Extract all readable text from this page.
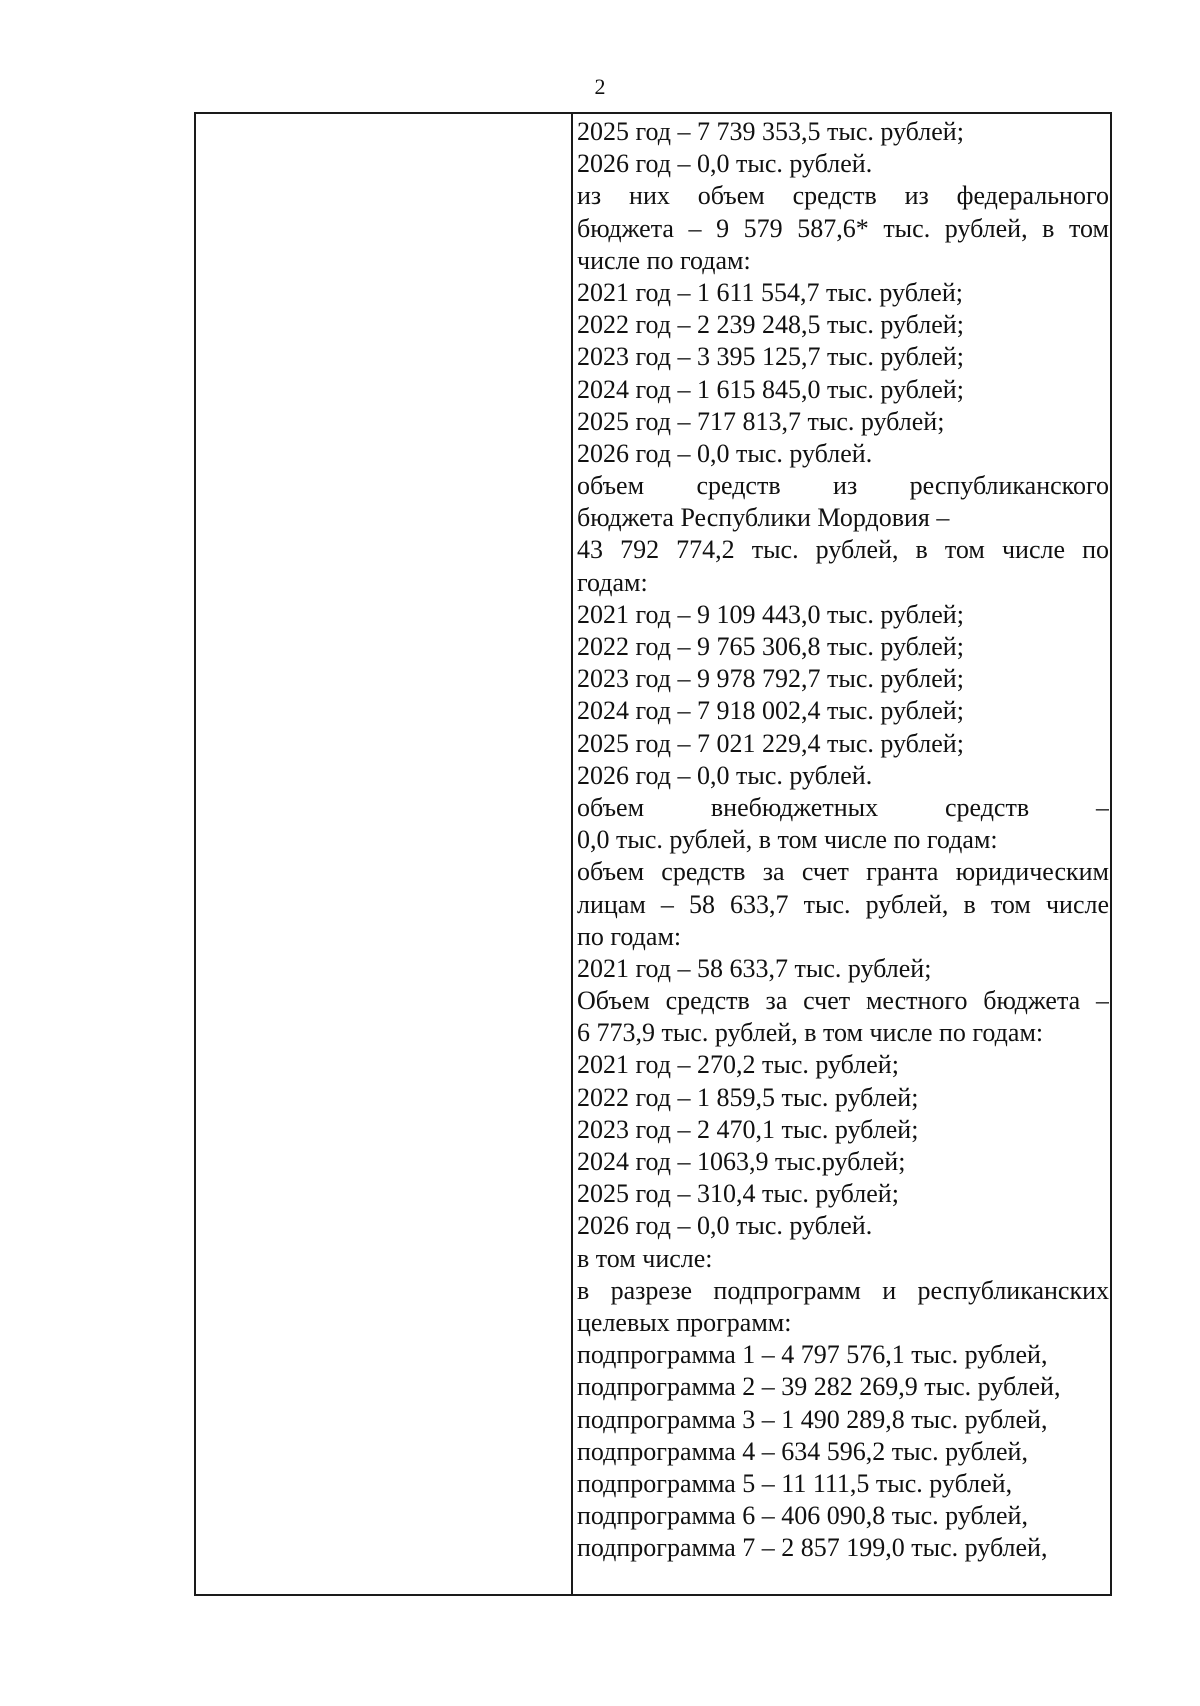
2
2025 год – 7 739 353,5 тыс. рублей;
2026 год – 0,0 тыс. рублей.
из них объем средств из федерального
бюджета – 9 579 587,6* тыс. рублей, в том
числе по годам:
2021 год – 1 611 554,7 тыс. рублей;
2022 год – 2 239 248,5 тыс. рублей;
2023 год – 3 395 125,7 тыс. рублей;
2024 год – 1 615 845,0 тыс. рублей;
2025 год – 717 813,7 тыс. рублей;
2026 год – 0,0 тыс. рублей.
объем средств из республиканского
бюджета Республики Мордовия –
43 792 774,2 тыс. рублей, в том числе по
годам:
2021 год – 9 109 443,0 тыс. рублей;
2022 год – 9 765 306,8 тыс. рублей;
2023 год – 9 978 792,7 тыс. рублей;
2024 год – 7 918 002,4 тыс. рублей;
2025 год – 7 021 229,4 тыс. рублей;
2026 год – 0,0 тыс. рублей.
объем внебюджетных средств –
0,0 тыс. рублей, в том числе по годам:
объем средств за счет гранта юридическим
лицам – 58 633,7 тыс. рублей, в том числе
по годам:
2021 год – 58 633,7 тыс. рублей;
Объем средств за счет местного бюджета –
6 773,9 тыс. рублей, в том числе по годам:
2021 год – 270,2 тыс. рублей;
2022 год – 1 859,5 тыс. рублей;
2023 год – 2 470,1 тыс. рублей;
2024 год – 1063,9 тыс.рублей;
2025 год – 310,4 тыс. рублей;
2026 год – 0,0 тыс. рублей.
в том числе:
в разрезе подпрограмм и республиканских
целевых программ:
подпрограмма 1 – 4 797 576,1 тыс. рублей,
подпрограмма 2 – 39 282 269,9 тыс. рублей,
подпрограмма 3 – 1 490 289,8 тыс. рублей,
подпрограмма 4 – 634 596,2 тыс. рублей,
подпрограмма 5 – 11 111,5 тыс. рублей,
подпрограмма 6 – 406 090,8 тыс. рублей,
подпрограмма 7 – 2 857 199,0 тыс. рублей,
